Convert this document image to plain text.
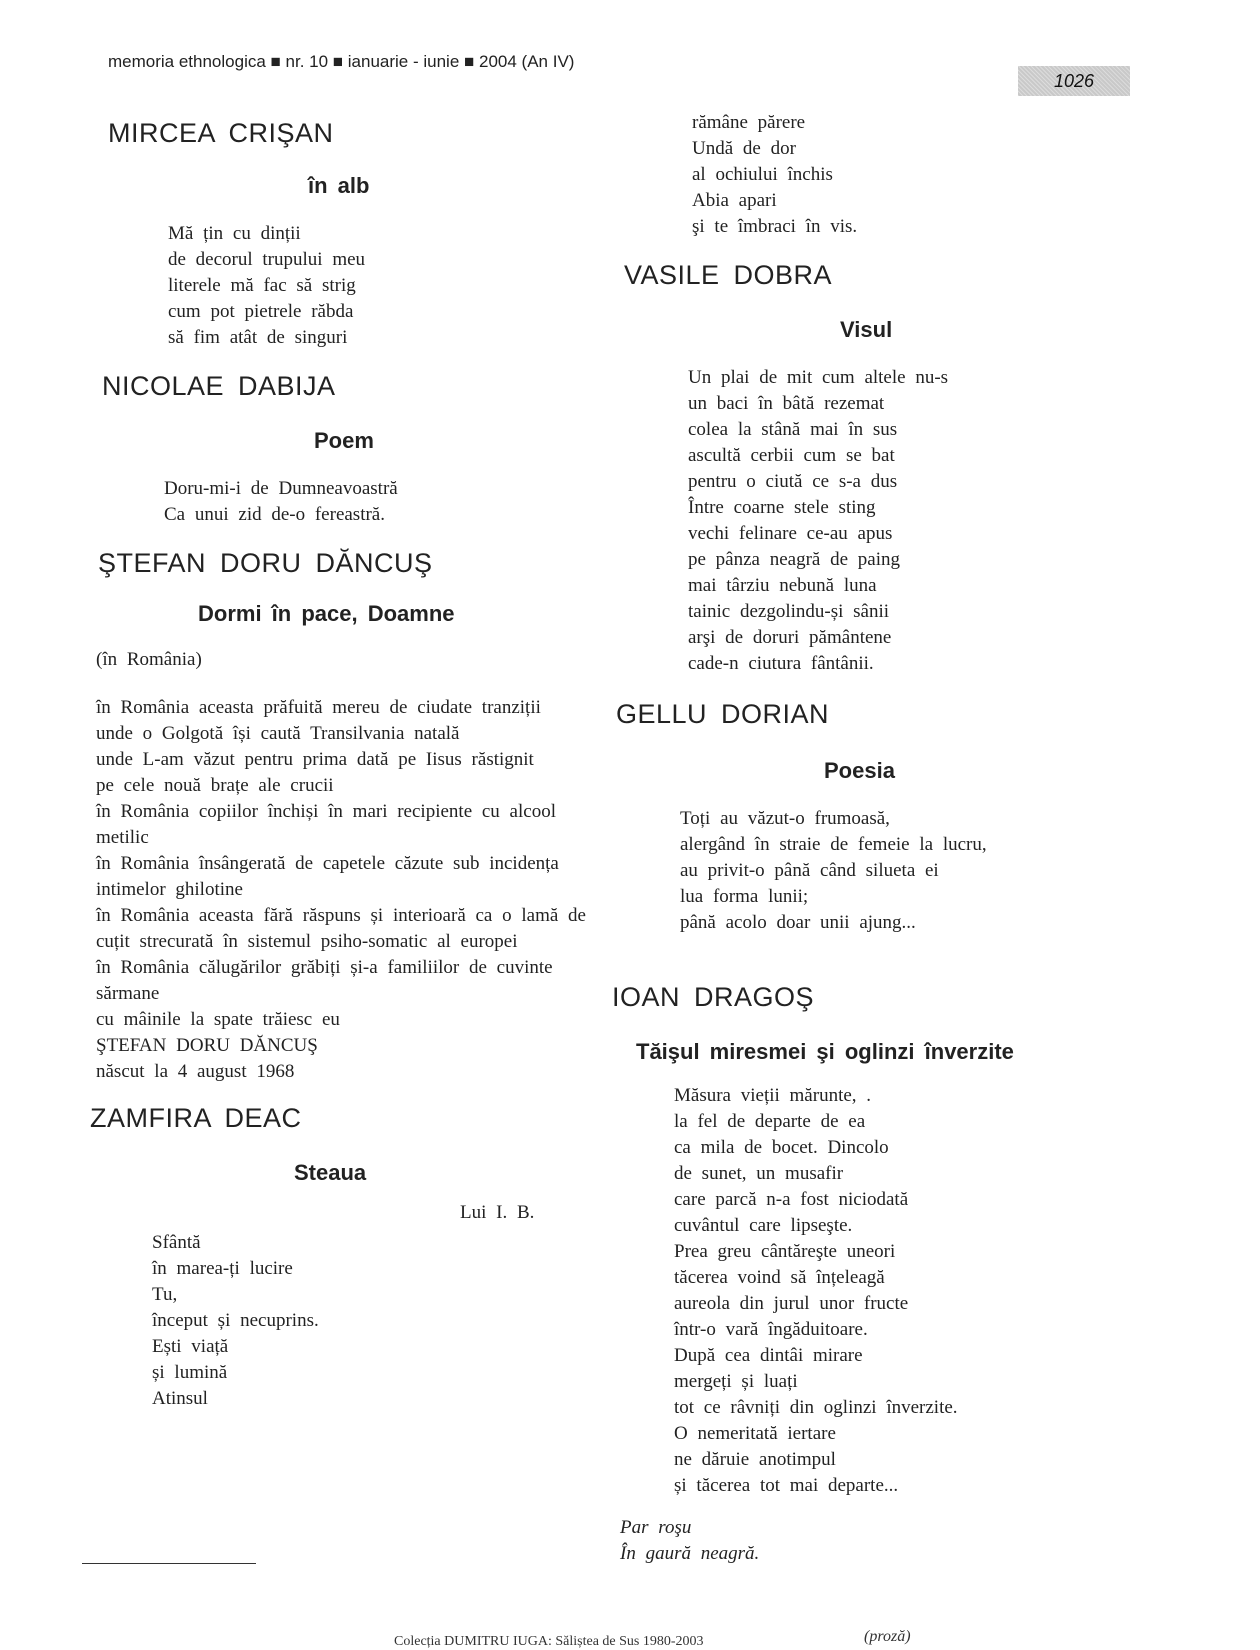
memoria ethnologica ■ nr. 10 ■ ianuarie - iunie ■ 2004 (An IV)
1026
MIRCEA CRIŞAN
în alb
Mă țin cu dinții
de decorul trupului meu
literele mă fac să strig
cum pot pietrele răbda
să fim atât de singuri
NICOLAE DABIJA
Poem
Doru-mi-i de Dumneavoastră
Ca unui zid de-o fereastră.
ŞTEFAN DORU DĂNCUŞ
Dormi în pace, Doamne
(în România)
în România aceasta prăfuită mereu de ciudate tranziții
unde o Golgotă își caută Transilvania natală
unde L-am văzut pentru prima dată pe Iisus răstignit
pe cele nouă brațe ale crucii
în România copiilor închiși în mari recipiente cu alcool metilic
în România însângerată de capetele căzute sub incidența intimelor ghilotine
în România aceasta fără răspuns și interioară ca o lamă de cuțit strecurată în sistemul psiho-somatic al europei
în România călugărilor grăbiți și-a familiilor de cuvinte sărmane
cu mâinile la spate trăiesc eu
ŞTEFAN DORU DĂNCUŞ
născut la 4 august 1968
ZAMFIRA DEAC
Steaua
Lui I. B.
Sfântă
în marea-ți lucire
Tu,
început și necuprins.
Ești viață
și lumină
Atinsul
rămâne părere
Undă de dor
al ochiului închis
Abia apari
şi te îmbraci în vis.
VASILE DOBRA
Visul
Un plai de mit cum altele nu-s
un baci în bâtă rezemat
colea la stână mai în sus
ascultă cerbii cum se bat
pentru o ciută ce s-a dus
Între coarne stele sting
vechi felinare ce-au apus
pe pânza neagră de paing
mai târziu nebună luna
tainic dezgolindu-și sânii
arşi de doruri pământene
cade-n ciutura fântânii.
GELLU DORIAN
Poesia
Toți au văzut-o frumoasă,
alergând în straie de femeie la lucru,
au privit-o până când silueta ei
lua forma lunii;
până acolo doar unii ajung...
IOAN DRAGOŞ
Tăişul miresmei şi oglinzi înverzite
Măsura vieții mărunte, .
la fel de departe de ea
ca mila de bocet. Dincolo
de sunet, un musafir
care parcă n-a fost niciodată
cuvântul care lipseşte.
Prea greu cântăreşte uneori
tăcerea voind să înțeleagă
aureola din jurul unor fructe
într-o vară îngăduitoare.
După cea dintâi mirare
mergeți și luați
tot ce râvniți din oglinzi înverzite.
O nemeritată iertare
ne dăruie anotimpul
și tăcerea tot mai departe...
Par roşu
În gaură neagră.
Colecția DUMITRU IUGA: Săliștea de Sus 1980-2003	(proză)
